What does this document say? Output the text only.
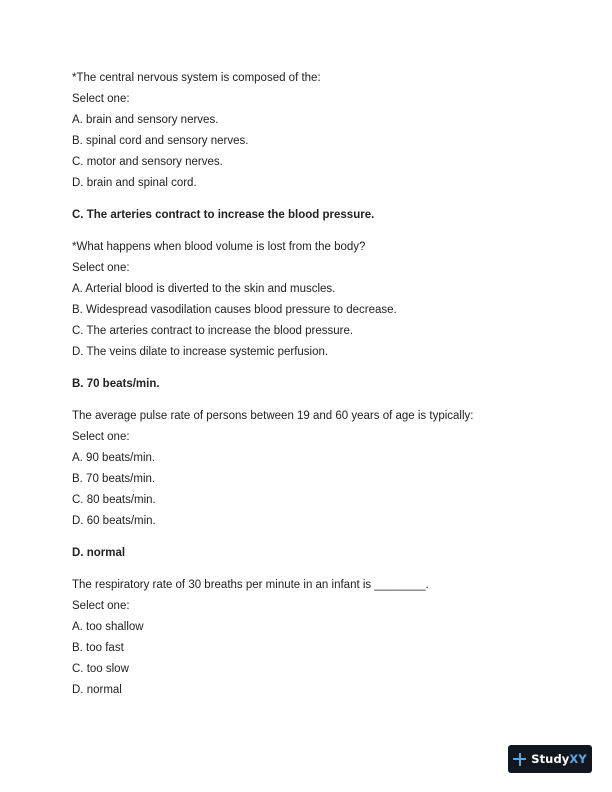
*The central nervous system is composed of the:
Select one:
A. brain and sensory nerves.
B. spinal cord and sensory nerves.
C. motor and sensory nerves.
D. brain and spinal cord.
C. The arteries contract to increase the blood pressure.
*What happens when blood volume is lost from the body?
Select one:
A. Arterial blood is diverted to the skin and muscles.
B. Widespread vasodilation causes blood pressure to decrease.
C. The arteries contract to increase the blood pressure.
D. The veins dilate to increase systemic perfusion.
B. 70 beats/min.
The average pulse rate of persons between 19 and 60 years of age is typically:
Select one:
A. 90 beats/min.
B. 70 beats/min.
C. 80 beats/min.
D. 60 beats/min.
D. normal
The respiratory rate of 30 breaths per minute in an infant is ________.
Select one:
A. too shallow
B. too fast
C. too slow
D. normal
StudyXY
